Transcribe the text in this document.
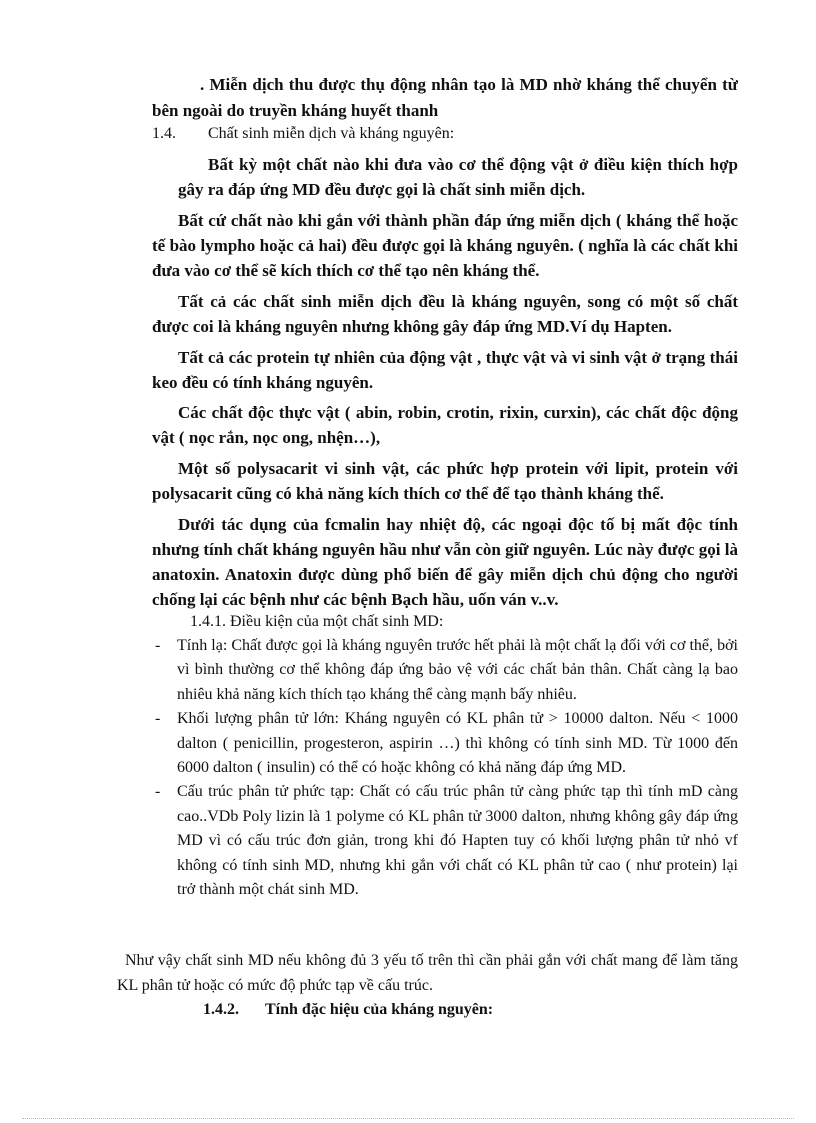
. Miễn dịch thu được thụ động nhân tạo là MD nhờ kháng thể chuyển từ bên ngoài do truyền kháng huyết thanh
1.4. Chất sinh miễn dịch và kháng nguyên:
Bất kỳ một chất nào khi đưa vào cơ thể động vật ở điều kiện thích hợp gây ra đáp ứng MD đều được gọi là chất sinh miễn dịch.
Bất cứ chất nào khi gắn với thành phần đáp ứng miễn dịch ( kháng thể hoặc tế bào lympho hoặc cả hai) đều được gọi là kháng nguyên. ( nghĩa là các chất khi đưa vào cơ thể sẽ kích thích cơ thể tạo nên kháng thể.
Tất cả các chất sinh miễn dịch đều là kháng nguyên, song có một số chất được coi là kháng nguyên nhưng không gây đáp ứng MD.Ví dụ Hapten.
Tất cả các protein tự nhiên của động vật , thực vật và vi sinh vật ở trạng thái keo đều có tính kháng nguyên.
Các chất độc thực vật ( abin, robin, crotin, rixin, curxin), các chất độc động vật ( nọc rắn, nọc ong, nhện…),
Một số polysacarit vi sinh vật, các phức hợp protein với lipit, protein với polysacarit cũng có khả năng kích thích cơ thể để tạo thành kháng thể.
Dưới tác dụng của fcmalin hay nhiệt độ, các ngoại độc tố bị mất độc tính nhưng tính chất kháng nguyên hầu như vẫn còn giữ nguyên. Lúc này được gọi là anatoxin. Anatoxin được dùng phổ biến để gây miễn dịch chủ động cho người chống lại các bệnh như các bệnh Bạch hầu, uốn ván v..v.
1.4.1. Điều kiện của một chất sinh MD:
- Tính lạ: Chất được gọi là kháng nguyên trước hết phải là một chất lạ đối với cơ thể, bởi vì bình thường cơ thể không đáp ứng bảo vệ với các chất bản thân. Chất càng lạ bao nhiêu khả năng kích thích tạo kháng thể càng mạnh bấy nhiêu.
- Khối lượng phân tử lớn: Kháng nguyên có KL phân tử > 10000 dalton. Nếu < 1000 dalton ( penicillin, progesteron, aspirin …) thì không có tính sinh MD. Từ 1000 đến 6000 dalton ( insulin) có thể có hoặc không có khả năng đáp ứng MD.
- Cấu trúc phân tử phức tạp: Chất có cấu trúc phân tử càng phức tạp thì tính mD càng cao..VDb Poly lizin là 1 polyme có KL phân tử 3000 dalton, nhưng không gây đáp ứng MD vì có cấu trúc đơn giản, trong khi đó Hapten tuy có khối lượng phân tử nhỏ vf không có tính sinh MD, nhưng khi gắn với chất có KL phân tử cao ( như protein) lại trở thành một chát sinh MD.
Như vậy chất sinh MD nếu không đủ 3 yếu tố trên thì cần phải gắn với chất mang để làm tăng KL phân tử hoặc có mức độ phức tạp về cấu trúc.
1.4.2. Tính đặc hiệu của kháng nguyên:
